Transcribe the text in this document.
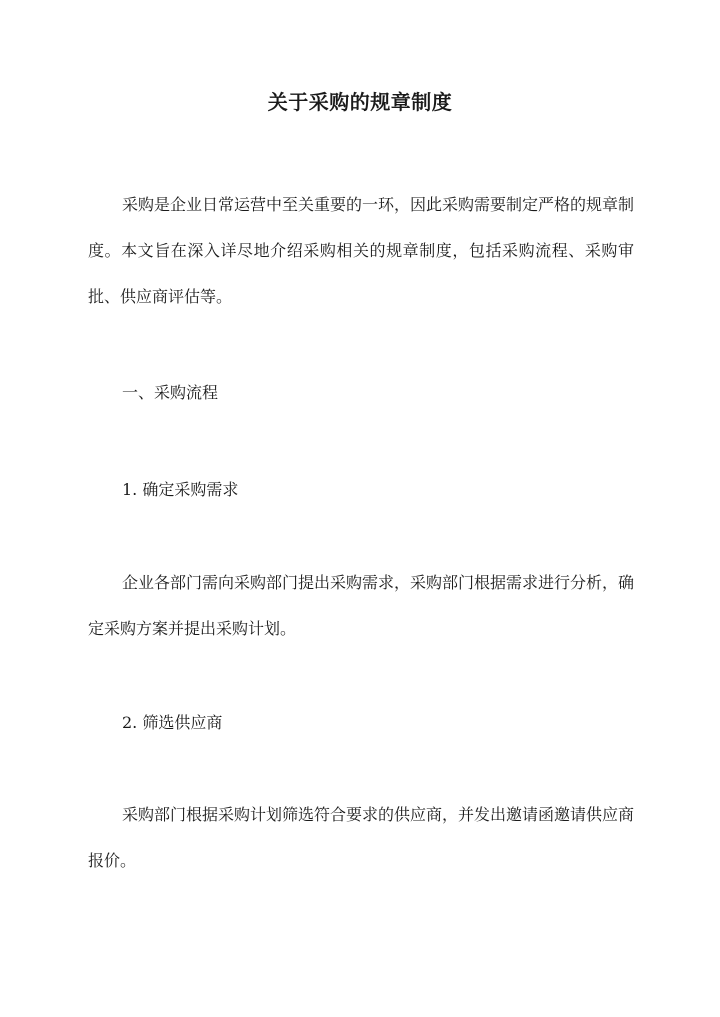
关于采购的规章制度

采购是企业日常运营中至关重要的一环，因此采购需要制定严格的规章制度。本文旨在深入详尽地介绍采购相关的规章制度，包括采购流程、采购审批、供应商评估等。

一、采购流程
1. 确定采购需求

企业各部门需向采购部门提出采购需求，采购部门根据需求进行分析，确定采购方案并提出采购计划。

2. 筛选供应商

采购部门根据采购计划筛选符合要求的供应商，并发出邀请函邀请供应商报价。
